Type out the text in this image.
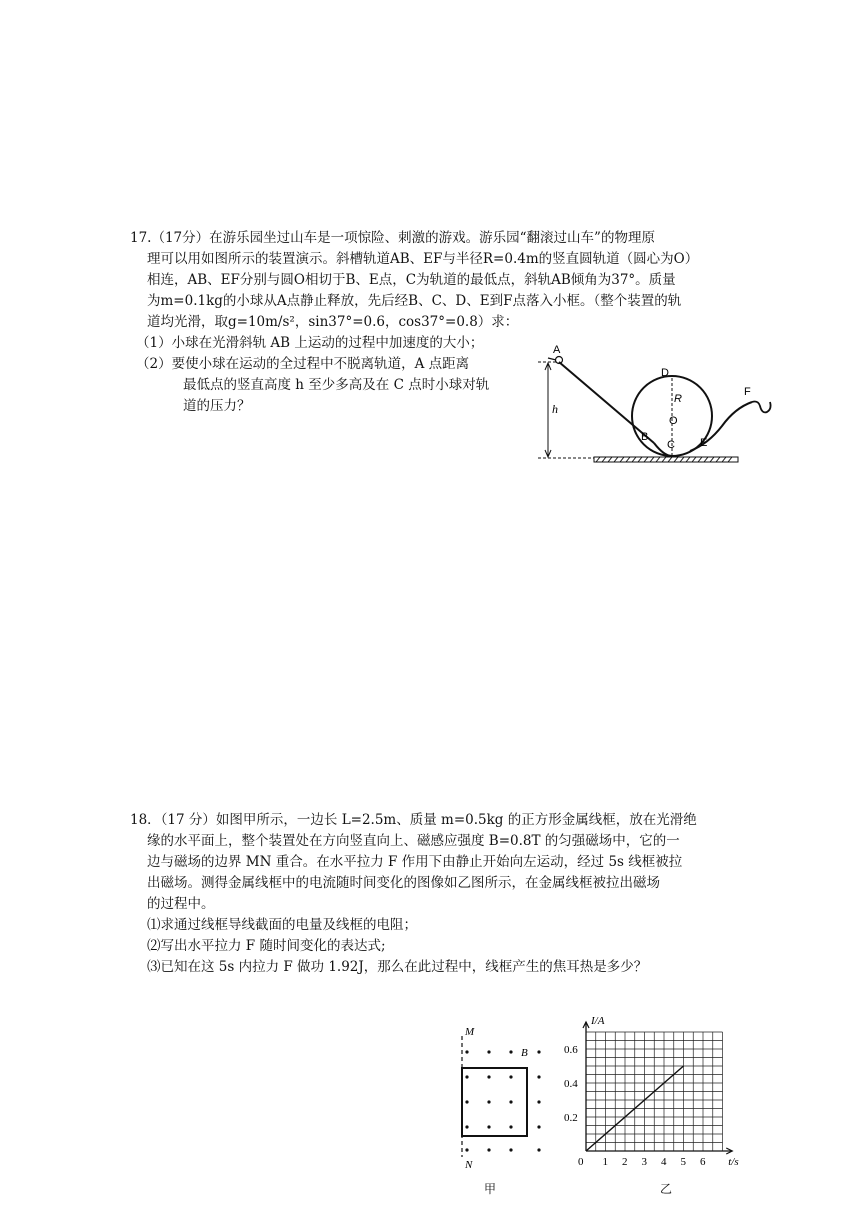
17.（17分）在游乐园坐过山车是一项惊险、刺激的游戏。游乐园“翻滚过山车”的物理原

理可以用如图所示的装置演示。斜槽轨道AB、EF与半径R=0.4m的竖直圆轨道（圆心为O）

相连，AB、EF分别与圆O相切于B、E点，C为轨道的最低点，斜轨AB倾角为37°。质量

为m=0.1kg的小球从A点静止释放，先后经B、C、D、E到F点落入小框。（整个装置的轨

道均光滑，取g=10m/s²，sin37°=0.6，cos37°=0.8）求：

（1）小球在光滑斜轨 AB 上运动的过程中加速度的大小；

（2）要使小球在运动的全过程中不脱离轨道，A 点距离

最低点的竖直高度 h 至少多高及在 C 点时小球对轨

道的压力？

A
h
B
C
D
R
O
E
F

18．（17 分）如图甲所示，一边长 L=2.5m、质量 m=0.5kg 的正方形金属线框，放在光滑绝

缘的水平面上，整个装置处在方向竖直向上、磁感应强度 B=0.8T 的匀强磁场中，它的一

边与磁场的边界 MN 重合。在水平拉力 F 作用下由静止开始向左运动，经过 5s 线框被拉

出磁场。测得金属线框中的电流随时间变化的图像如乙图所示，在金属线框被拉出磁场

的过程中。

⑴求通过线框导线截面的电量及线框的电阻；

⑵写出水平拉力 F 随时间变化的表达式;

⑶已知在这 5s 内拉力 F 做功 1.92J，那么在此过程中，线框产生的焦耳热是多少？

M
N
B
甲
0 1 2 3 4 5 6
0.2
0.4
0.6
t/s
I/A
乙
